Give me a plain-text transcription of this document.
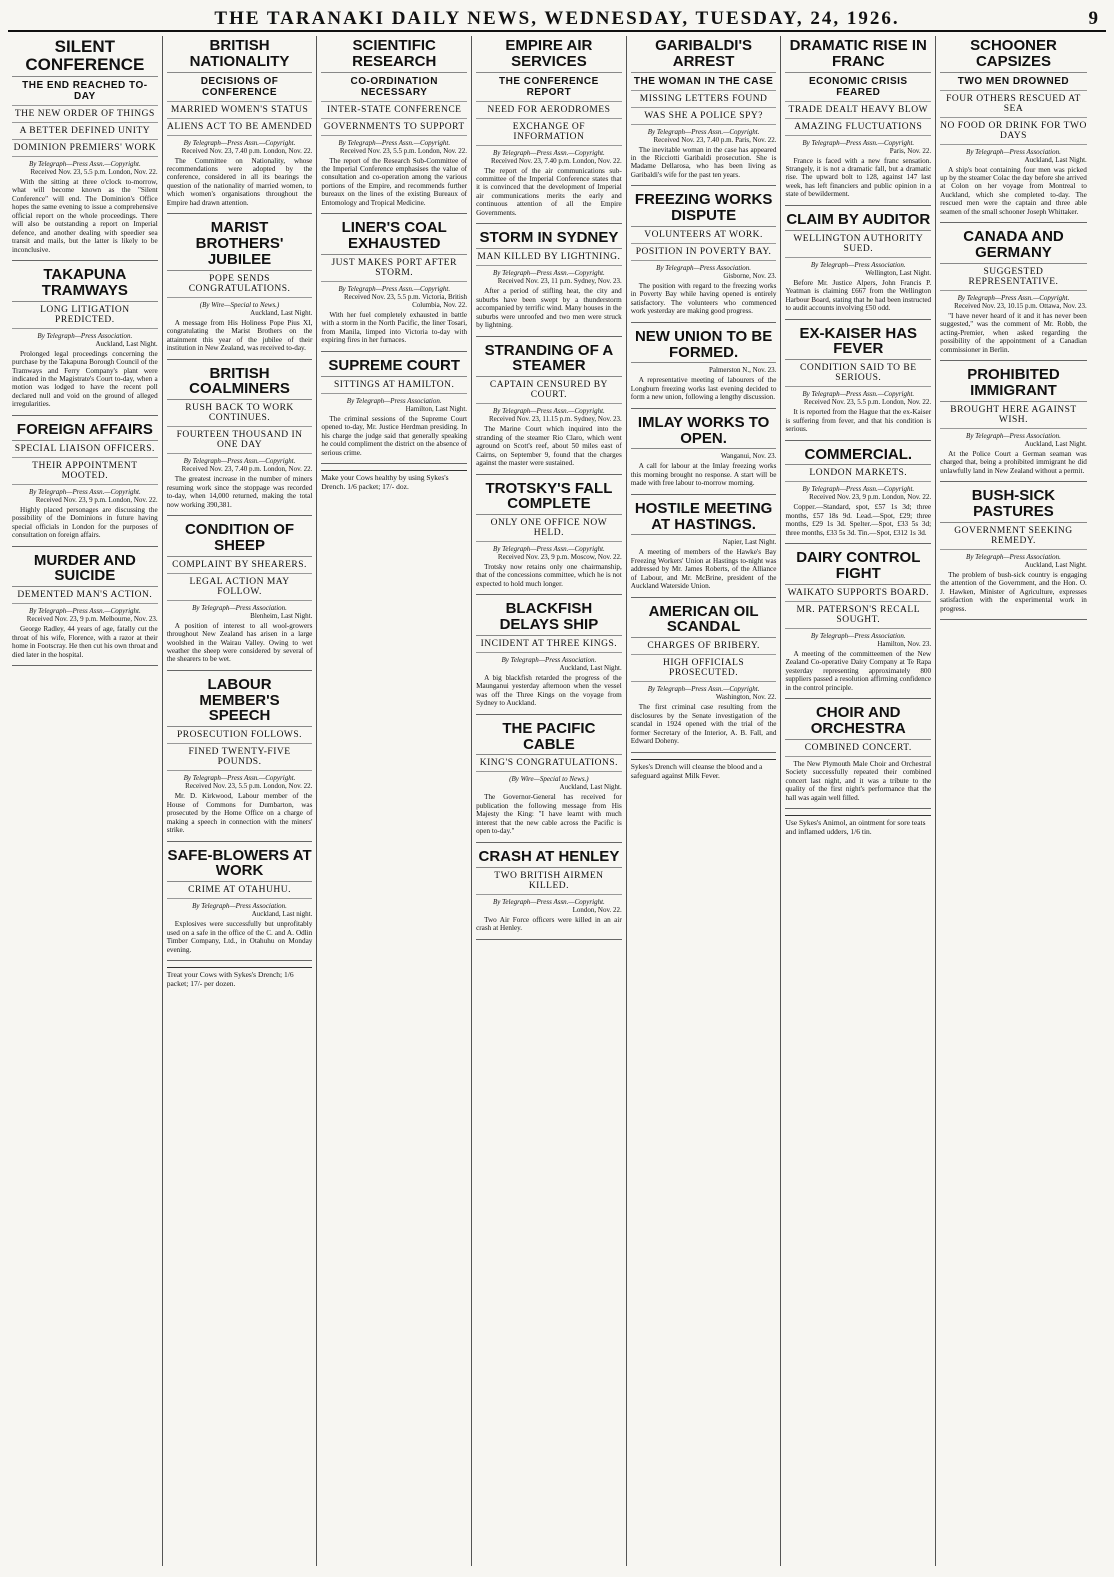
THE TARANAKI DAILY NEWS, WEDNESDAY, TUESDAY, 24, 1926.	9
SILENT CONFERENCE
THE END REACHED TO-DAY
THE NEW ORDER OF THINGS
A BETTER DEFINED UNITY
DOMINION PREMIERS' WORK
By Telegraph—Press Assn.—Copyright.
Received Nov. 23, 5.5 p.m. London, Nov. 22.

With the sitting at three o'clock to-morrow, what will become known as the "Silent Conference" will end. The Dominion's Office hopes the same evening to issue a comprehensive official report on the whole proceedings. There will also be outstanding a report on Imperial defence, and another dealing with speedier sea transit and mails, but the latter is likely to be inconclusive.

TAKAPUNA TRAMWAYS
LONG LITIGATION PREDICTED.
By Telegraph—Press Association.
Auckland, Last Night.

Prolonged legal proceedings concerning the purchase by the Takapuna Borough Council of the Tramways and Ferry Company's plant were indicated in the Magistrate's Court to-day, when a motion was lodged to have the recent poll declared null and void on the ground of alleged irregularities.

FOREIGN AFFAIRS
SPECIAL LIAISON OFFICERS.
THEIR APPOINTMENT MOOTED.
By Telegraph—Press Assn.—Copyright.
Received Nov. 23, 9 p.m. London, Nov. 22.

Highly placed personages are discussing the possibility of the Dominions in future having special officials in London for the purposes of consultation on foreign affairs.

MURDER AND SUICIDE
DEMENTED MAN'S ACTION.
By Telegraph—Press Assn.—Copyright.
Received Nov. 23, 9 p.m. Melbourne, Nov. 23.

George Radley, 44 years of age, fatally cut the throat of his wife, Florence, with a razor at their home in Footscray. He then cut his own throat and died later in the hospital.

BRITISH NATIONALITY
DECISIONS OF CONFERENCE
MARRIED WOMEN'S STATUS
ALIENS ACT TO BE AMENDED
By Telegraph—Press Assn.—Copyright.
Received Nov. 23, 7.40 p.m. London, Nov. 22.

The Committee on Nationality, whose recommendations were adopted by the conference, considered in all its bearings the question of the nationality of married women, to which women's organisations throughout the Empire had drawn attention.

MARIST BROTHERS' JUBILEE
POPE SENDS CONGRATULATIONS.
(By Wire—Special to News.)
Auckland, Last Night.

A message from His Holiness Pope Pius XI, congratulating the Marist Brothers on the attainment this year of the jubilee of their institution in New Zealand, was received to-day.

BRITISH COALMINERS
RUSH BACK TO WORK CONTINUES.
FOURTEEN THOUSAND IN ONE DAY
By Telegraph—Press Assn.—Copyright.
Received Nov. 23, 7.40 p.m. London, Nov. 22.

The greatest increase in the number of miners resuming work since the stoppage was recorded to-day, when 14,000 returned, making the total now working 390,381.

CONDITION OF SHEEP
COMPLAINT BY SHEARERS.
LEGAL ACTION MAY FOLLOW.
By Telegraph—Press Association.
Blenheim, Last Night.

A position of interest to all wool-growers throughout New Zealand has arisen in a large woolshed in the Wairau Valley. Owing to wet weather the sheep were considered by several of the shearers to be wet.

LABOUR MEMBER'S SPEECH
PROSECUTION FOLLOWS.
FINED TWENTY-FIVE POUNDS.
By Telegraph—Press Assn.—Copyright.
Received Nov. 23, 5.5 p.m. London, Nov. 22.

Mr. D. Kirkwood, Labour member of the House of Commons for Dumbarton, was prosecuted by the Home Office on a charge of making a speech in connection with the miners' strike.

SAFE-BLOWERS AT WORK
CRIME AT OTAHUHU.
By Telegraph—Press Association.
Auckland, Last night.

Explosives were successfully but unprofitably used on a safe in the office of the C. and A. Odlin Timber Company, Ltd., in Otahuhu on Monday evening.

Treat your Cows with Sykes's Drench; 1/6 packet; 17/- per dozen.
SCIENTIFIC RESEARCH
CO-ORDINATION NECESSARY
INTER-STATE CONFERENCE
GOVERNMENTS TO SUPPORT
By Telegraph—Press Assn.—Copyright.
Received Nov. 23, 5.5 p.m. London, Nov. 22.

The report of the Research Sub-Committee of the Imperial Conference emphasises the value of consultation and co-operation among the various portions of the Empire, and recommends further bureaux on the lines of the existing Bureaux of Entomology and Tropical Medicine.

LINER'S COAL EXHAUSTED
JUST MAKES PORT AFTER STORM.
By Telegraph—Press Assn.—Copyright.
Received Nov. 23, 5.5 p.m. Victoria, British Columbia, Nov. 22.

With her fuel completely exhausted in battle with a storm in the North Pacific, the liner Tosari, from Manila, limped into Victoria to-day with expiring fires in her furnaces.

SUPREME COURT
SITTINGS AT HAMILTON.
By Telegraph—Press Association.
Hamilton, Last Night.

The criminal sessions of the Supreme Court opened to-day, Mr. Justice Herdman presiding. In his charge the judge said that generally speaking he could compliment the district on the absence of serious crime.

Make your Cows healthy by using Sykes's Drench. 1/6 packet; 17/- doz.
EMPIRE AIR SERVICES
THE CONFERENCE REPORT
NEED FOR AERODROMES
EXCHANGE OF INFORMATION
By Telegraph—Press Assn.—Copyright.
Received Nov. 23, 7.40 p.m. London, Nov. 22.

The report of the air communications sub-committee of the Imperial Conference states that it is convinced that the development of Imperial air communications merits the early and continuous attention of all the Empire Governments.

STORM IN SYDNEY
MAN KILLED BY LIGHTNING.
By Telegraph—Press Assn.—Copyright.
Received Nov. 23, 11 p.m. Sydney, Nov. 23.

After a period of stifling heat, the city and suburbs have been swept by a thunderstorm accompanied by terrific wind. Many houses in the suburbs were unroofed and two men were struck by lightning.

STRANDING OF A STEAMER
CAPTAIN CENSURED BY COURT.
By Telegraph—Press Assn.—Copyright.
Received Nov. 23, 11.15 p.m. Sydney, Nov. 23.

The Marine Court which inquired into the stranding of the steamer Rio Claro, which went aground on Scott's reef, about 50 miles east of Cairns, on September 9, found that the charges against the master were sustained.

TROTSKY'S FALL COMPLETE
ONLY ONE OFFICE NOW HELD.
By Telegraph—Press Assn.—Copyright.
Received Nov. 23, 9 p.m. Moscow, Nov. 22.

Trotsky now retains only one chairmanship, that of the concessions committee, which he is not expected to hold much longer.

BLACKFISH DELAYS SHIP
INCIDENT AT THREE KINGS.
By Telegraph—Press Association.
Auckland, Last Night.

A big blackfish retarded the progress of the Maunganui yesterday afternoon when the vessel was off the Three Kings on the voyage from Sydney to Auckland.

THE PACIFIC CABLE
KING'S CONGRATULATIONS.
(By Wire—Special to News.)
Auckland, Last Night.

The Governor-General has received for publication the following message from His Majesty the King: "I have learnt with much interest that the new cable across the Pacific is open to-day."

CRASH AT HENLEY
TWO BRITISH AIRMEN KILLED.
By Telegraph—Press Assn.—Copyright.
London, Nov. 22.

Two Air Force officers were killed in an air crash at Henley.

GARIBALDI'S ARREST
THE WOMAN IN THE CASE
MISSING LETTERS FOUND
WAS SHE A POLICE SPY?
By Telegraph—Press Assn.—Copyright.
Received Nov. 23, 7.40 p.m. Paris, Nov. 22.

The inevitable woman in the case has appeared in the Ricciotti Garibaldi prosecution. She is Madame Dellarosa, who has been living as Garibaldi's wife for the past ten years.

FREEZING WORKS DISPUTE
VOLUNTEERS AT WORK.
POSITION IN POVERTY BAY.
By Telegraph—Press Association.
Gisborne, Nov. 23.

The position with regard to the freezing works in Poverty Bay while having opened is entirely satisfactory. The volunteers who commenced work yesterday are making good progress.

NEW UNION TO BE FORMED.
Palmerston N., Nov. 23.

A representative meeting of labourers of the Longburn freezing works last evening decided to form a new union, following a lengthy discussion.

IMLAY WORKS TO OPEN.
Wanganui, Nov. 23.

A call for labour at the Imlay freezing works this morning brought no response. A start will be made with free labour to-morrow morning.

HOSTILE MEETING AT HASTINGS.
Napier, Last Night.

A meeting of members of the Hawke's Bay Freezing Workers' Union at Hastings to-night was addressed by Mr. James Roberts, of the Alliance of Labour, and Mr. McBrine, president of the Auckland Waterside Union.

AMERICAN OIL SCANDAL
CHARGES OF BRIBERY.
HIGH OFFICIALS PROSECUTED.
By Telegraph—Press Assn.—Copyright.
Washington, Nov. 22.

The first criminal case resulting from the disclosures by the Senate investigation of the scandal in 1924 opened with the trial of the former Secretary of the Interior, A. B. Fall, and Edward Doheny.

Sykes's Drench will cleanse the blood and a safeguard against Milk Fever.
DRAMATIC RISE IN FRANC
ECONOMIC CRISIS FEARED
TRADE DEALT HEAVY BLOW
AMAZING FLUCTUATIONS
By Telegraph—Press Assn.—Copyright.
Paris, Nov. 22.

France is faced with a new franc sensation. Strangely, it is not a dramatic fall, but a dramatic rise. The upward bolt to 128, against 147 last week, has left financiers and public opinion in a state of bewilderment.

CLAIM BY AUDITOR
WELLINGTON AUTHORITY SUED.
By Telegraph—Press Association.
Wellington, Last Night.

Before Mr. Justice Alpers, John Francis P. Yeatman is claiming £667 from the Wellington Harbour Board, stating that he had been instructed to audit accounts involving £50 odd.

EX-KAISER HAS FEVER
CONDITION SAID TO BE SERIOUS.
By Telegraph—Press Assn.—Copyright.
Received Nov. 23, 5.5 p.m. London, Nov. 22.

It is reported from the Hague that the ex-Kaiser is suffering from fever, and that his condition is serious.

COMMERCIAL.
LONDON MARKETS.
By Telegraph—Press Assn.—Copyright.
Received Nov. 23, 9 p.m. London, Nov. 22.

Copper.—Standard, spot, £57 1s 3d; three months, £57 18s 9d. Lead.—Spot, £29; three months, £29 1s 3d. Spelter.—Spot, £33 5s 3d; three months, £33 5s 3d. Tin.—Spot, £312 1s 3d.

DAIRY CONTROL FIGHT
WAIKATO SUPPORTS BOARD.
MR. PATERSON'S RECALL SOUGHT.
By Telegraph—Press Association.
Hamilton, Nov. 23.

A meeting of the committeemen of the New Zealand Co-operative Dairy Company at Te Rapa yesterday representing approximately 800 suppliers passed a resolution affirming confidence in the control principle.

CHOIR AND ORCHESTRA
COMBINED CONCERT.

The New Plymouth Male Choir and Orchestral Society successfully repeated their combined concert last night, and it was a tribute to the quality of the first night's performance that the hall was again well filled.

Use Sykes's Animol, an ointment for sore teats and inflamed udders, 1/6 tin.
SCHOONER CAPSIZES
TWO MEN DROWNED
FOUR OTHERS RESCUED AT SEA
NO FOOD OR DRINK FOR TWO DAYS
By Telegraph—Press Association.
Auckland, Last Night.

A ship's boat containing four men was picked up by the steamer Colac the day before she arrived at Colon on her voyage from Montreal to Auckland, which she completed to-day. The rescued men were the captain and three able seamen of the small schooner Joseph Whittaker.

CANADA AND GERMANY
SUGGESTED REPRESENTATIVE.
By Telegraph—Press Assn.—Copyright.
Received Nov. 23, 10.15 p.m. Ottawa, Nov. 23.

"I have never heard of it and it has never been suggested," was the comment of Mr. Robb, the acting-Premier, when asked regarding the possibility of the appointment of a Canadian commissioner in Berlin.

PROHIBITED IMMIGRANT
BROUGHT HERE AGAINST WISH.
By Telegraph—Press Association.
Auckland, Last Night.

At the Police Court a German seaman was charged that, being a prohibited immigrant he did unlawfully land in New Zealand without a permit.

BUSH-SICK PASTURES
GOVERNMENT SEEKING REMEDY.
By Telegraph—Press Association.
Auckland, Last Night.

The problem of bush-sick country is engaging the attention of the Government, and the Hon. O. J. Hawken, Minister of Agriculture, expresses satisfaction with the experimental work in progress.
